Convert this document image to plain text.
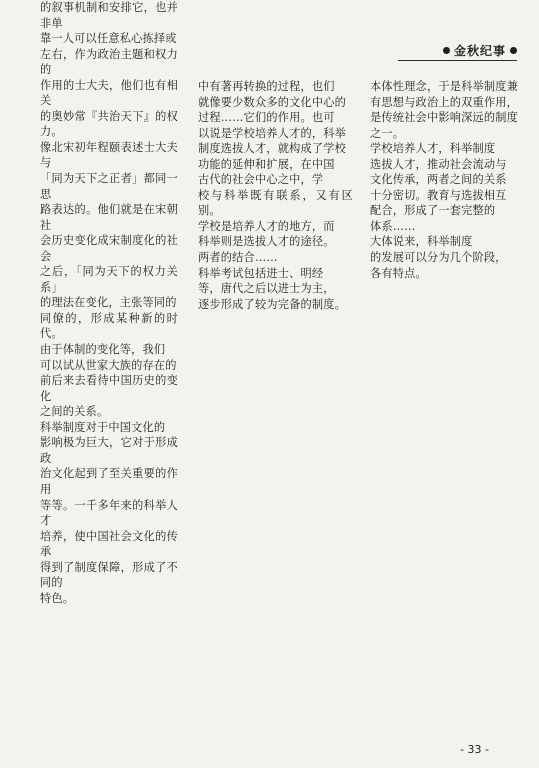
金秋纪事

的叙事机制和安排它，也并非单
靠一人可以任意私心拣择或
左右，作为政治主题和权力的
作用的士大夫，他们也有相关
的奥妙常『共治天下』的权力。
像北宋初年程颐表述士大夫与
「同为天下之正者」都同一思
路表达的。他们就是在宋朝社
会历史变化成宋制度化的社会
之后，「同为天下的权力关系」
的理法在变化，主张等同的
同僚的，形成某种新的时代。
由于体制的变化等，我们
可以试从世家大族的存在的
前后来去看待中国历史的变化
之间的关系。

科举制度对于中国文化的
影响极为巨大，它对于形成政
治文化起到了至关重要的作用
等等。一千多年来的科举人才
培养，使中国社会文化的传承
得到了制度保障，形成了不同的
特色。

中有著再转换的过程，也们
就像要少数众多的文化中心的
过程……它们的作用。也可
以说是学校培养人才的，科举
制度选拔人才，就构成了学校
功能的延伸和扩展，在中国
古代的社会中心之中，学
校与科举既有联系，又有区别。
学校是培养人才的地方，而
科举则是选拔人才的途径。
两者的结合……

科举考试包括进士、明经
等，唐代之后以进士为主，
逐步形成了较为完备的制度。

本体性理念，于是科举制度兼
有思想与政治上的双重作用，
是传统社会中影响深远的制度
之一。

学校培养人才，科举制度
选拔人才，推动社会流动与
文化传承，两者之间的关系
十分密切。教育与选拔相互
配合，形成了一套完整的
体系……

大体说来，科举制度
的发展可以分为几个阶段，
各有特点。

- 33 -
